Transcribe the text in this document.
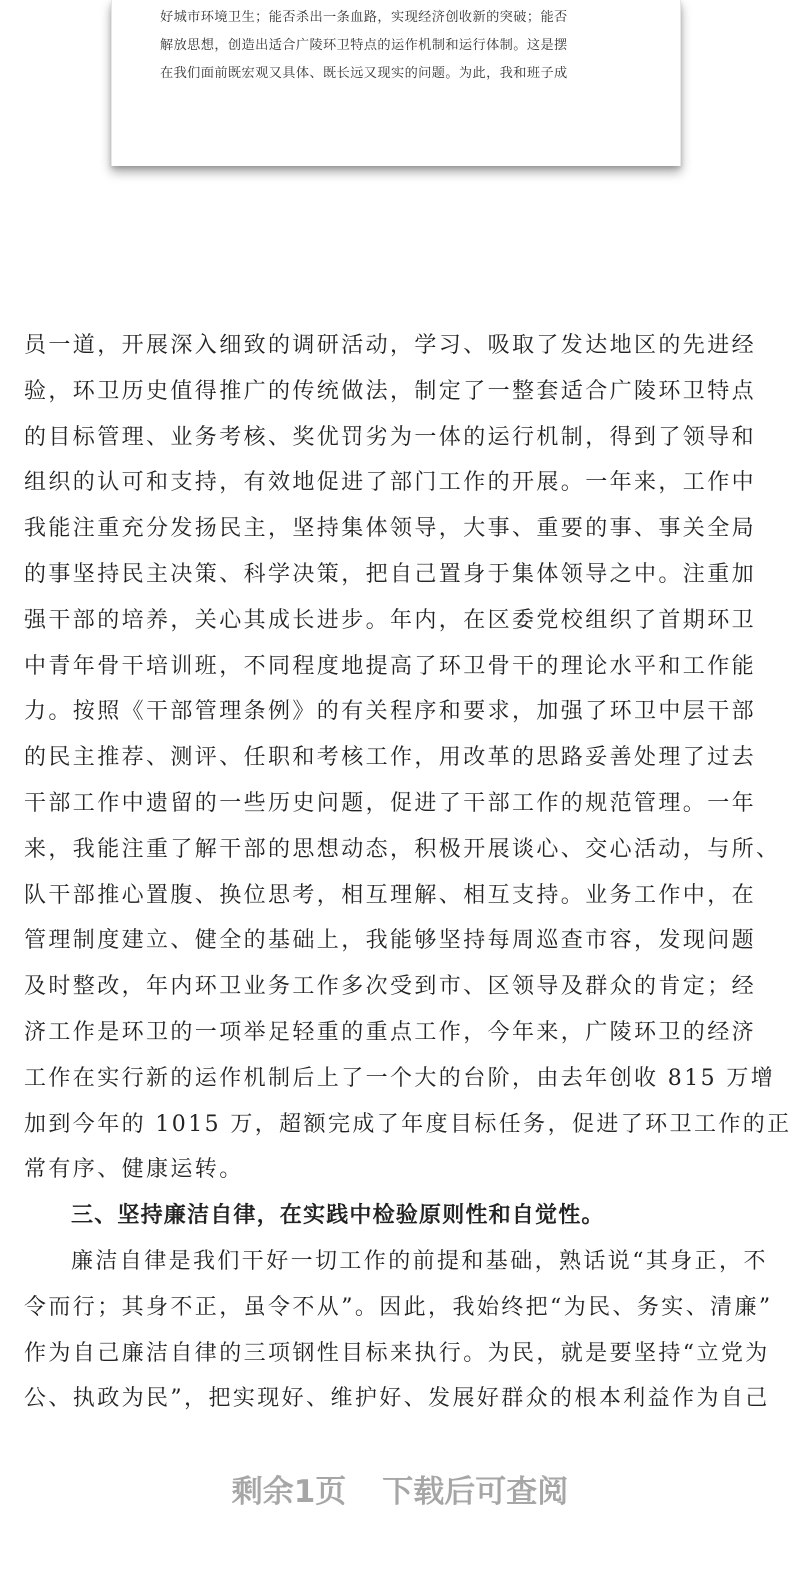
好城市环境卫生；能否杀出一条血路，实现经济创收新的突破；能否
解放思想，创造出适合广陵环卫特点的运作机制和运行体制。这是摆
在我们面前既宏观又具体、既长远又现实的问题。为此，我和班子成
员一道，开展深入细致的调研活动，学习、吸取了发达地区的先进经
验，环卫历史值得推广的传统做法，制定了一整套适合广陵环卫特点
的目标管理、业务考核、奖优罚劣为一体的运行机制，得到了领导和
组织的认可和支持，有效地促进了部门工作的开展。一年来，工作中
我能注重充分发扬民主，坚持集体领导，大事、重要的事、事关全局
的事坚持民主决策、科学决策，把自己置身于集体领导之中。注重加
强干部的培养，关心其成长进步。年内，在区委党校组织了首期环卫
中青年骨干培训班，不同程度地提高了环卫骨干的理论水平和工作能
力。按照《干部管理条例》的有关程序和要求，加强了环卫中层干部
的民主推荐、测评、任职和考核工作，用改革的思路妥善处理了过去
干部工作中遗留的一些历史问题，促进了干部工作的规范管理。一年
来，我能注重了解干部的思想动态，积极开展谈心、交心活动，与所、
队干部推心置腹、换位思考，相互理解、相互支持。业务工作中，在
管理制度建立、健全的基础上，我能够坚持每周巡查市容，发现问题
及时整改，年内环卫业务工作多次受到市、区领导及群众的肯定；经
济工作是环卫的一项举足轻重的重点工作，今年来，广陵环卫的经济
工作在实行新的运作机制后上了一个大的台阶，由去年创收 815 万增
加到今年的 1015 万，超额完成了年度目标任务，促进了环卫工作的正
常有序、健康运转。
三、坚持廉洁自律，在实践中检验原则性和自觉性。
廉洁自律是我们干好一切工作的前提和基础，熟话说“其身正，不
令而行；其身不正，虽令不从”。因此，我始终把“为民、务实、清廉”
作为自己廉洁自律的三项钢性目标来执行。为民，就是要坚持“立党为
公、执政为民”，把实现好、维护好、发展好群众的根本利益作为自己
剩余1页 下载后可查阅
